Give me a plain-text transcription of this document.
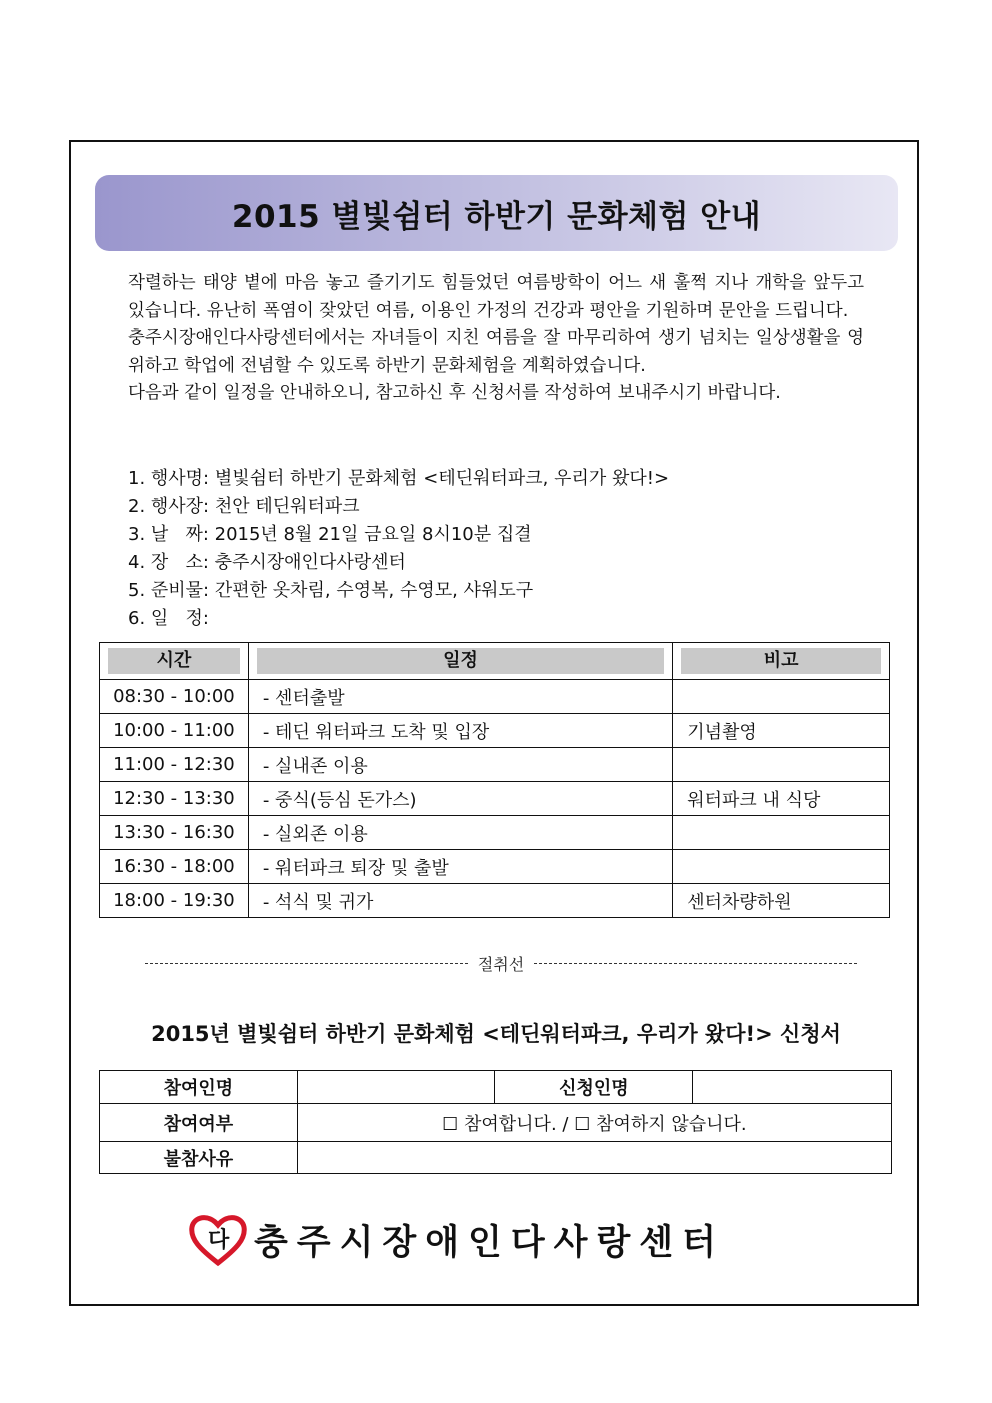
2015 별빛쉼터 하반기 문화체험 안내

작렬하는 태양 볕에 마음 놓고 즐기기도 힘들었던 여름방학이 어느 새 훌쩍 지나 개학을 앞두고 있습니다. 유난히 폭염이 잦았던 여름, 이용인 가정의 건강과 평안을 기원하며 문안을 드립니다.

충주시장애인다사랑센터에서는 자녀들이 지친 여름을 잘 마무리하여 생기 넘치는 일상생활을 영위하고 학업에 전념할 수 있도록 하반기 문화체험을 계획하였습니다.

다음과 같이 일정을 안내하오니, 참고하신 후 신청서를 작성하여 보내주시기 바랍니다.

1. 행사명: 별빛쉼터 하반기 문화체험 <테딘워터파크, 우리가 왔다!>
2. 행사장: 천안 테딘워터파크
3. 날   짜: 2015년 8월 21일 금요일 8시10분 집결
4. 장   소: 충주시장애인다사랑센터
5. 준비물: 간편한 옷차림, 수영복, 수영모, 샤워도구
6. 일   정:
시간	일정	비고

08:30 - 10:00	- 센터출발	
10:00 - 11:00	- 테딘 워터파크 도착 및 입장	기념촬영
11:00 - 12:30	- 실내존 이용	
12:30 - 13:30	- 중식(등심 돈가스)	워터파크 내 식당
13:30 - 16:30	- 실외존 이용	
16:30 - 18:00	- 워터파크 퇴장 및 출발	
18:00 - 19:30	- 석식 및 귀가	센터차량하원
절취선
2015년 별빛쉼터 하반기 문화체험 <테딘워터파크, 우리가 왔다!> 신청서
참여인명		신청인명	
참여여부	☐ 참여합니다. / ☐ 참여하지 않습니다.		
불참사유			
다 충주시장애인다사랑센터
